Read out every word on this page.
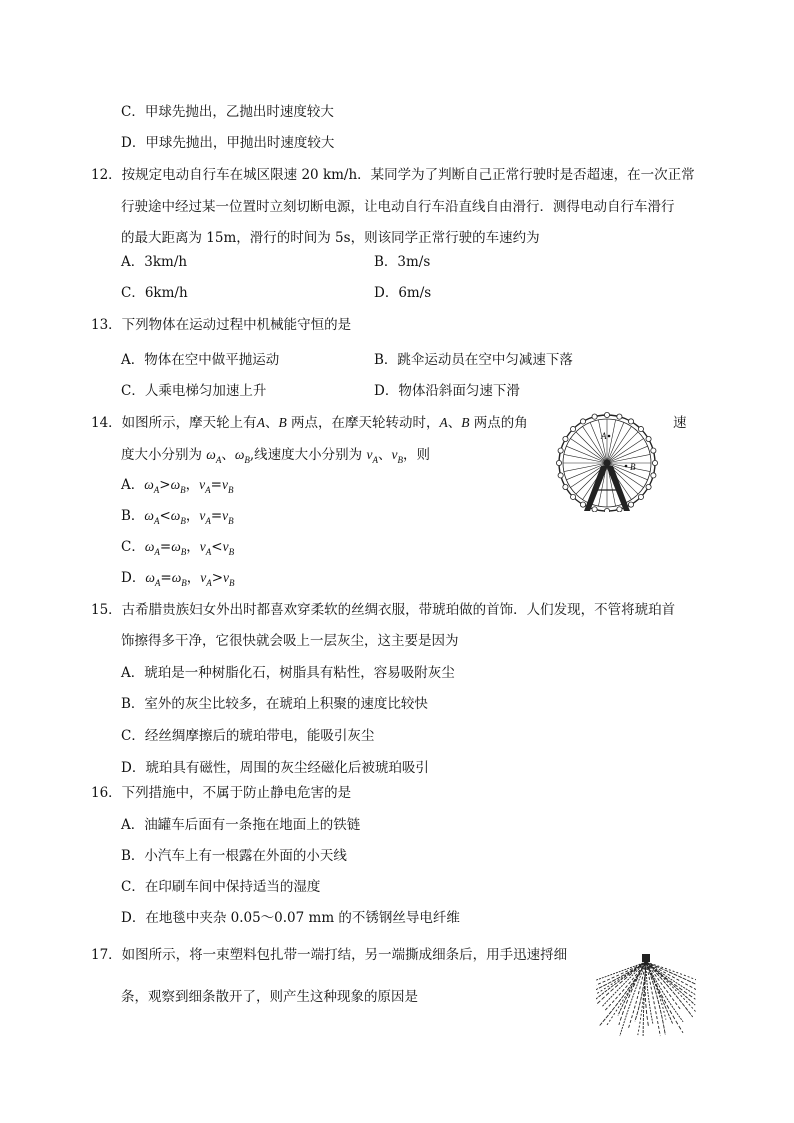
C．甲球先抛出，乙抛出时速度较大
D．甲球先抛出，甲抛出时速度较大
12．按规定电动自行车在城区限速 20 km/h．某同学为了判断自己正常行驶时是否超速，在一次正常
行驶途中经过某一位置时立刻切断电源，让电动自行车沿直线自由滑行．测得电动自行车滑行
的最大距离为 15m，滑行的时间为 5s，则该同学正常行驶的车速约为
A．3km/h	B．3m/s
C．6km/h	D．6m/s
13．下列物体在运动过程中机械能守恒的是
A．物体在空中做平抛运动	B．跳伞运动员在空中匀减速下落
C．人乘电梯匀加速上升	D．物体沿斜面匀速下滑
14．如图所示，摩天轮上有A、B 两点，在摩天轮转动时，A、B 两点的角	速
度大小分别为 $\omega_A$、$\omega_B$,线速度大小分别为 $v_A$、$v_B$，则
A．$\omega_A>\omega_B$，$v_A=v_B$
B．$\omega_A<\omega_B$，$v_A=v_B$
C．$\omega_A=\omega_B$，$v_A<v_B$
D．$\omega_A=\omega_B$，$v_A>v_B$
A
B
15．古希腊贵族妇女外出时都喜欢穿柔软的丝绸衣服，带琥珀做的首饰．人们发现，不管将琥珀首
饰擦得多干净，它很快就会吸上一层灰尘，这主要是因为
A．琥珀是一种树脂化石，树脂具有粘性，容易吸附灰尘
B．室外的灰尘比较多，在琥珀上积聚的速度比较快
C．经丝绸摩擦后的琥珀带电，能吸引灰尘
D．琥珀具有磁性，周围的灰尘经磁化后被琥珀吸引
16．下列措施中，不属于防止静电危害的是
A．油罐车后面有一条拖在地面上的铁链
B．小汽车上有一根露在外面的小天线
C．在印刷车间中保持适当的湿度
D．在地毯中夹杂 0.05～0.07 mm 的不锈钢丝导电纤维
17．如图所示，将一束塑料包扎带一端打结，另一端撕成细条后，用手迅速捋细
条，观察到细条散开了，则产生这种现象的原因是
